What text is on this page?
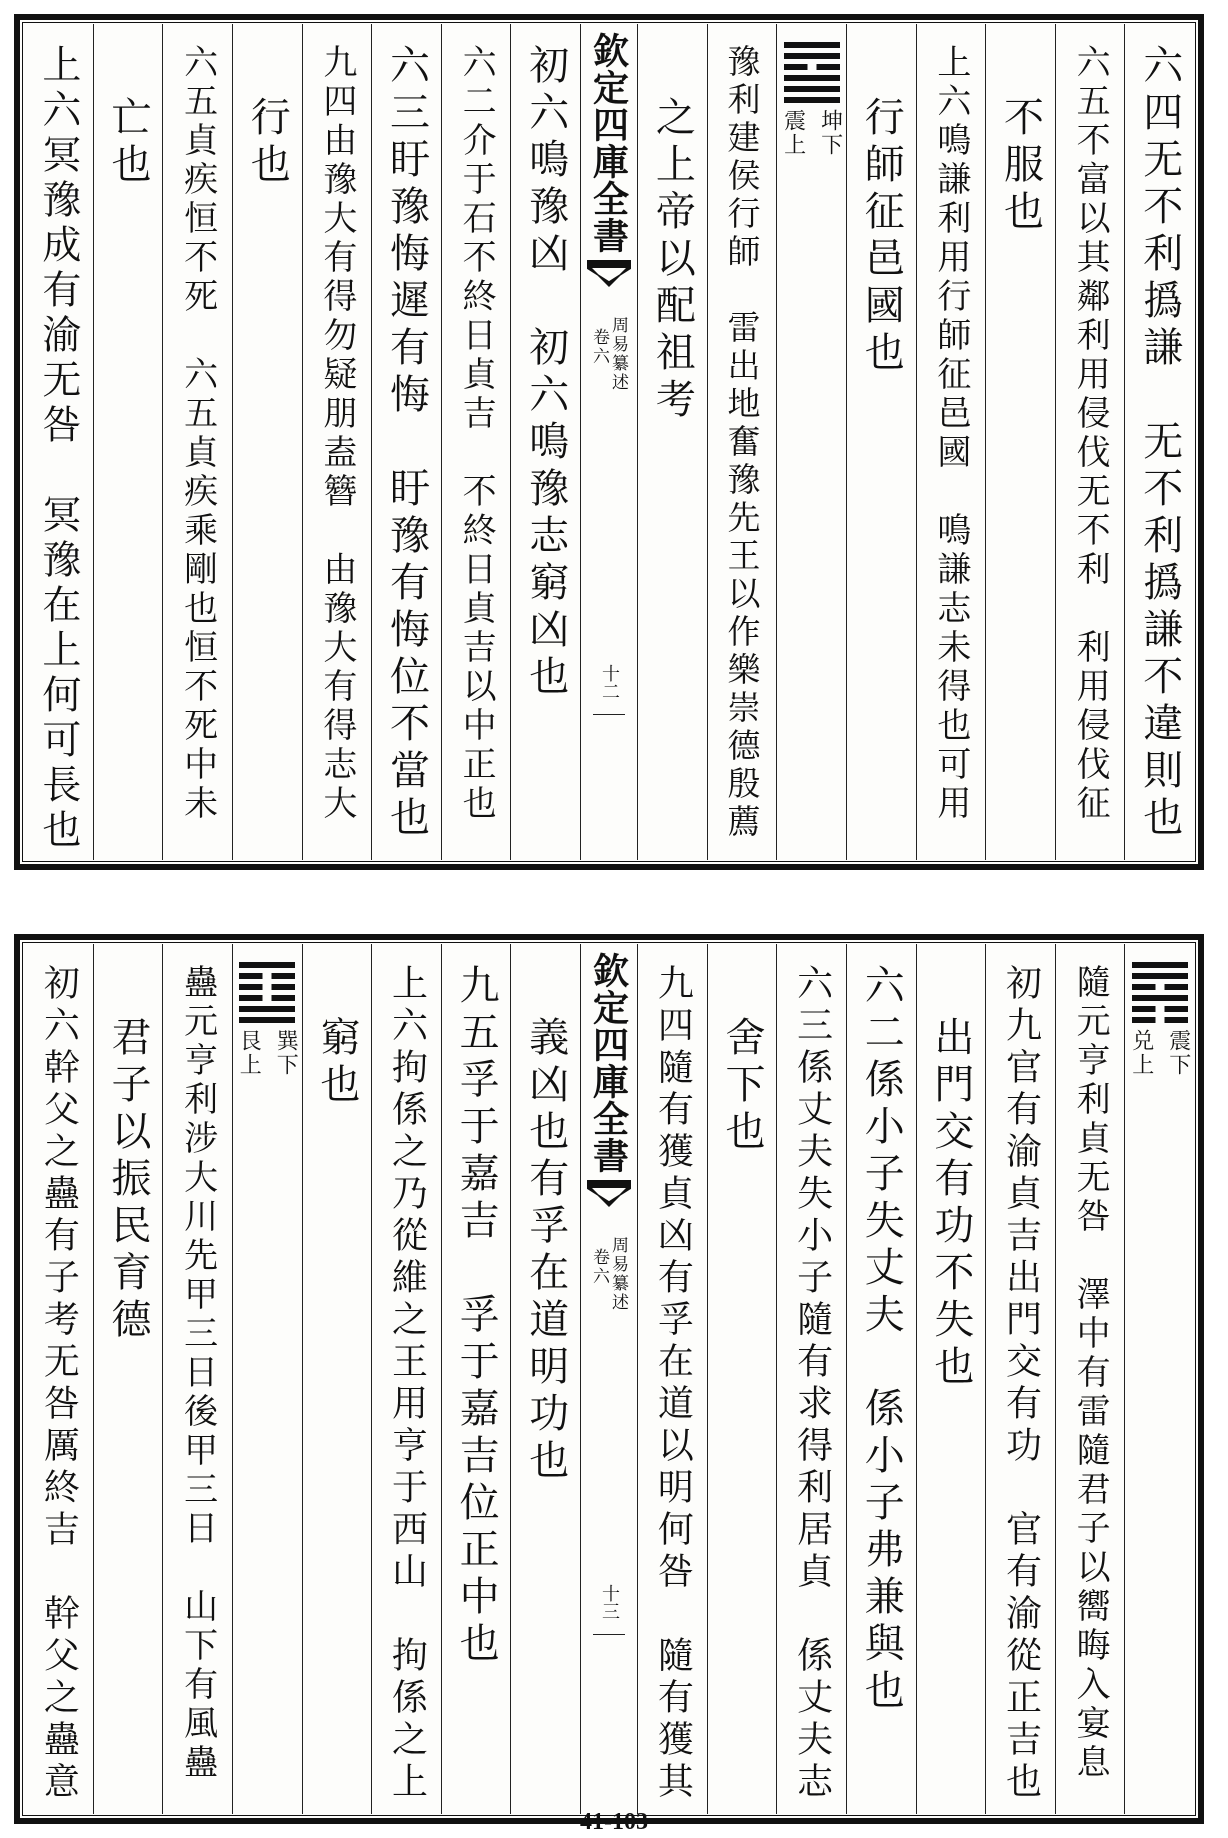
六四无不利撝謙　无不利撝謙不違則也
六五不富以其鄰利用侵伐无不利　利用侵伐征
不服也
上六鳴謙利用行師征邑國　鳴謙志未得也可用
行師征邑國也
坤下
震上
豫利建侯行師　雷出地奮豫先王以作樂崇德殷薦
之上帝以配祖考
欽定四庫全書
周易纂述
卷六
十二
初六鳴豫凶　初六鳴豫志窮凶也
六二介于石不終日貞吉　不終日貞吉以中正也
六三盱豫悔遲有悔　盱豫有悔位不當也
九四由豫大有得勿疑朋盍簪　由豫大有得志大
行也
六五貞疾恒不死　六五貞疾乘剛也恒不死中未
亡也
上六冥豫成有渝无咎　冥豫在上何可長也
震下
兑上
隨元亨利貞无咎　澤中有雷隨君子以嚮晦入宴息
初九官有渝貞吉出門交有功　官有渝從正吉也
出門交有功不失也
六二係小子失丈夫　係小子弗兼與也
六三係丈夫失小子隨有求得利居貞　係丈夫志
舍下也
九四隨有獲貞凶有孚在道以明何咎　隨有獲其
欽定四庫全書
周易纂述
卷六
十三
義凶也有孚在道明功也
九五孚于嘉吉　孚于嘉吉位正中也
上六拘係之乃從維之王用亨于西山　拘係之上
窮也
巽下
艮上
蠱元亨利涉大川先甲三日後甲三日　山下有風蠱
君子以振民育德
初六幹父之蠱有子考无咎厲終吉　幹父之蠱意
41-103
